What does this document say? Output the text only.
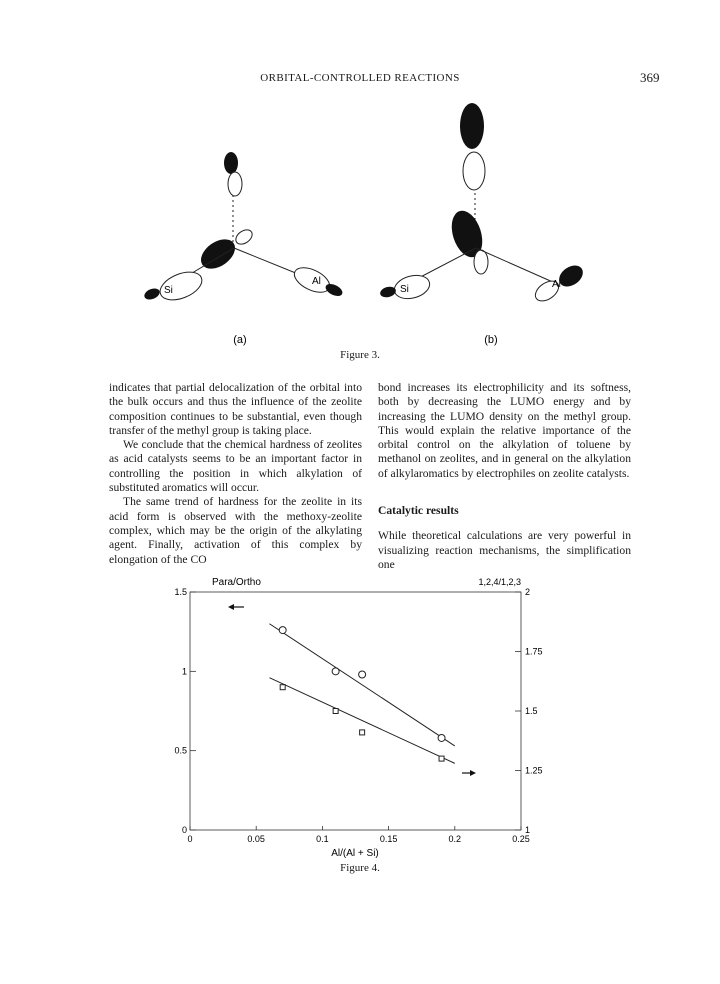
ORBITAL-CONTROLLED REACTIONS	369
Si
Al
Si	Al
(a)	(b)
Figure 3.

indicates that partial delocalization of the orbital into the bulk occurs and thus the influence of the zeolite composition continues to be substantial, even though transfer of the methyl group is taking place.

We conclude that the chemical hardness of zeolites as acid catalysts seems to be an important factor in controlling the position in which alkylation of substituted aromatics will occur.

The same trend of hardness for the zeolite in its acid form is observed with the methoxy-zeolite complex, which may be the origin of the alkylating agent. Finally, activation of this complex by elongation of the CO

bond increases its electrophilicity and its softness, both by decreasing the LUMO energy and by increasing the LUMO density on the methyl group. This would explain the relative importance of the orbital control on the alkylation of toluene by methanol on zeolites, and in general on the alkylation of alkylaromatics by electrophiles on zeolite catalysts.

Catalytic results

While theoretical calculations are very powerful in visualizing reaction mechanisms, the simplification one

Para/Ortho	1,2,4/1,2,3
Al/(Al + Si)
0	0.05	0.1	0.15	0.2	0.25
0
0.5
1
1.5
1
1.25
1.5
1.75
2
Figure 4.
